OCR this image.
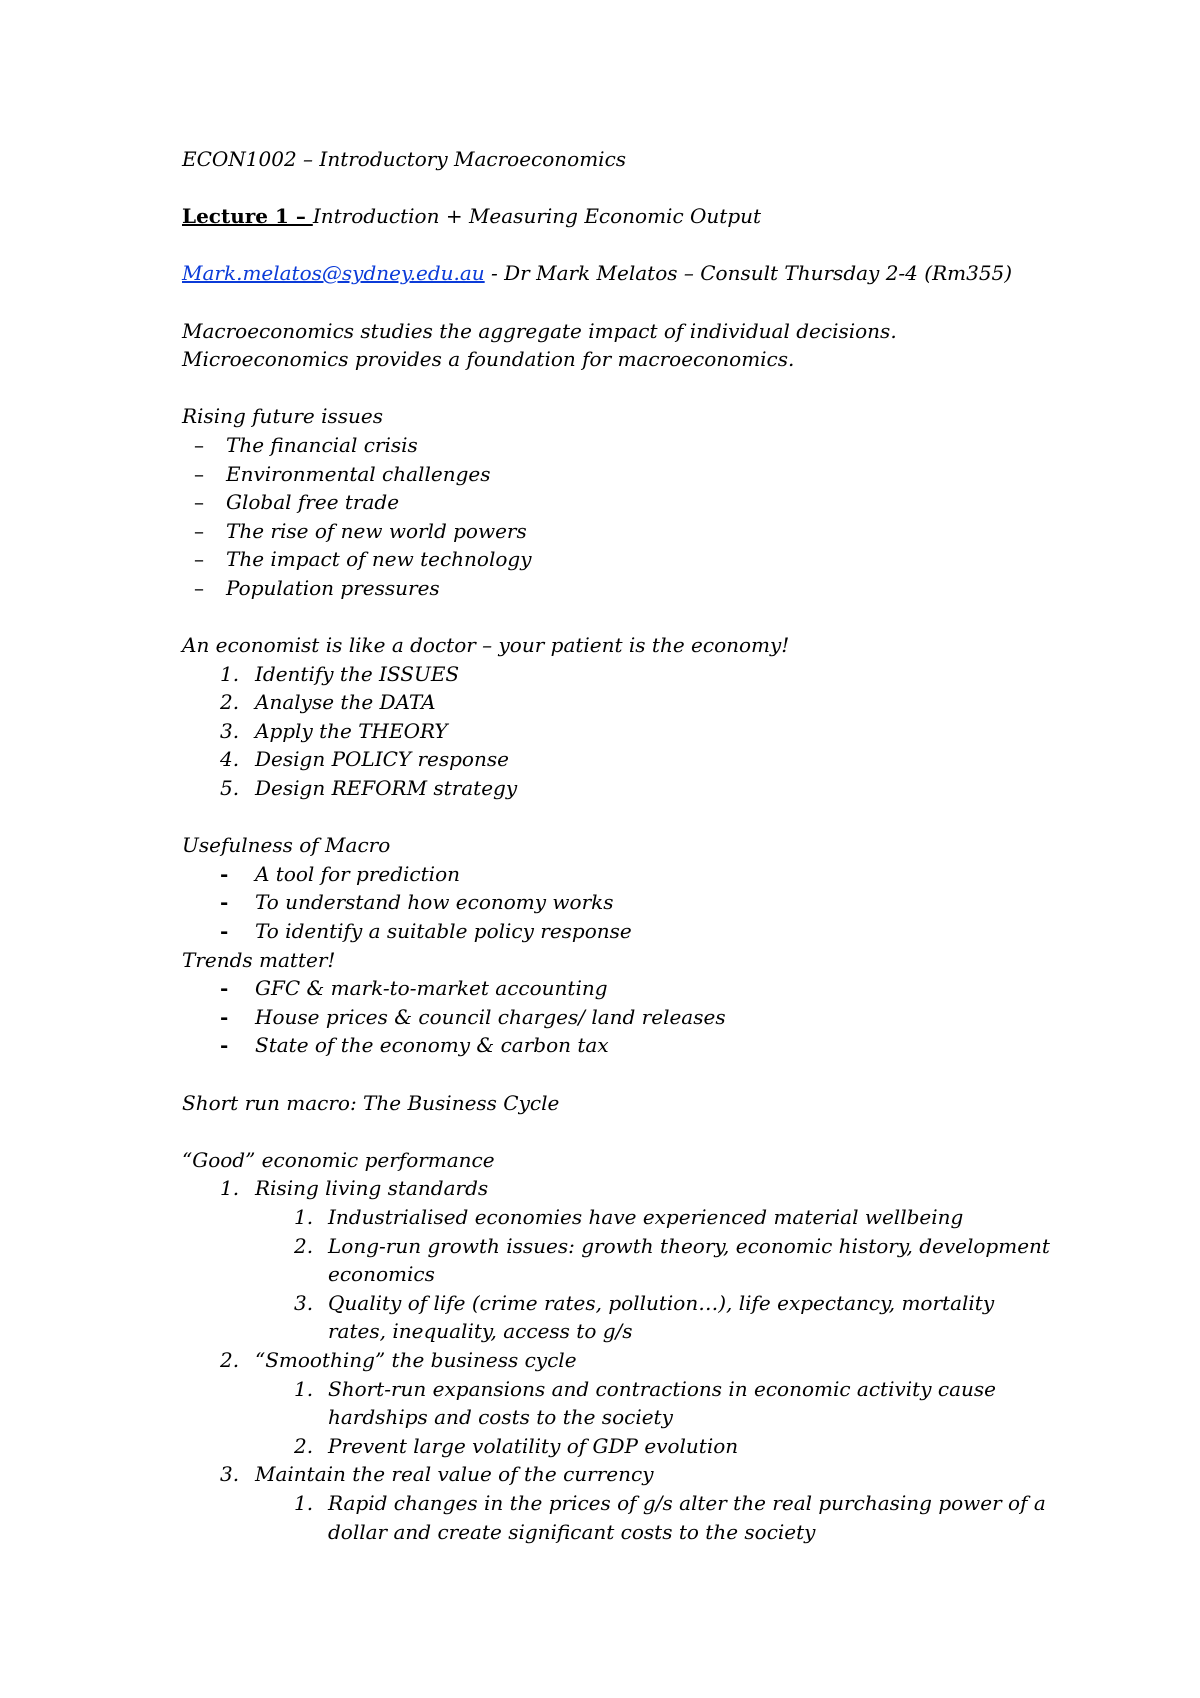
ECON1002 – Introductory Macroeconomics

Lecture 1 – Introduction + Measuring Economic Output

Mark.melatos@sydney.edu.au - Dr Mark Melatos – Consult Thursday 2-4 (Rm355)

Macroeconomics studies the aggregate impact of individual decisions.

Microeconomics provides a foundation for macroeconomics.

Rising future issues

– The financial crisis
– Environmental challenges
– Global free trade
– The rise of new world powers
– The impact of new technology
– Population pressures

An economist is like a doctor – your patient is the economy!

1. Identify the ISSUES
2. Analyse the DATA
3. Apply the THEORY
4. Design POLICY response
5. Design REFORM strategy

Usefulness of Macro

- A tool for prediction
- To understand how economy works
- To identify a suitable policy response

Trends matter!

- GFC & mark-to-market accounting
- House prices & council charges/ land releases
- State of the economy & carbon tax

Short run macro: The Business Cycle

“Good” economic performance

1. Rising living standards
1. Industrialised economies have experienced material wellbeing
2. Long-run growth issues: growth theory, economic history, development economics
3. Quality of life (crime rates, pollution…), life expectancy, mortality rates, inequality, access to g/s
2. “Smoothing” the business cycle
1. Short-run expansions and contractions in economic activity cause hardships and costs to the society
2. Prevent large volatility of GDP evolution
3. Maintain the real value of the currency
1. Rapid changes in the prices of g/s alter the real purchasing power of a dollar and create significant costs to the society
